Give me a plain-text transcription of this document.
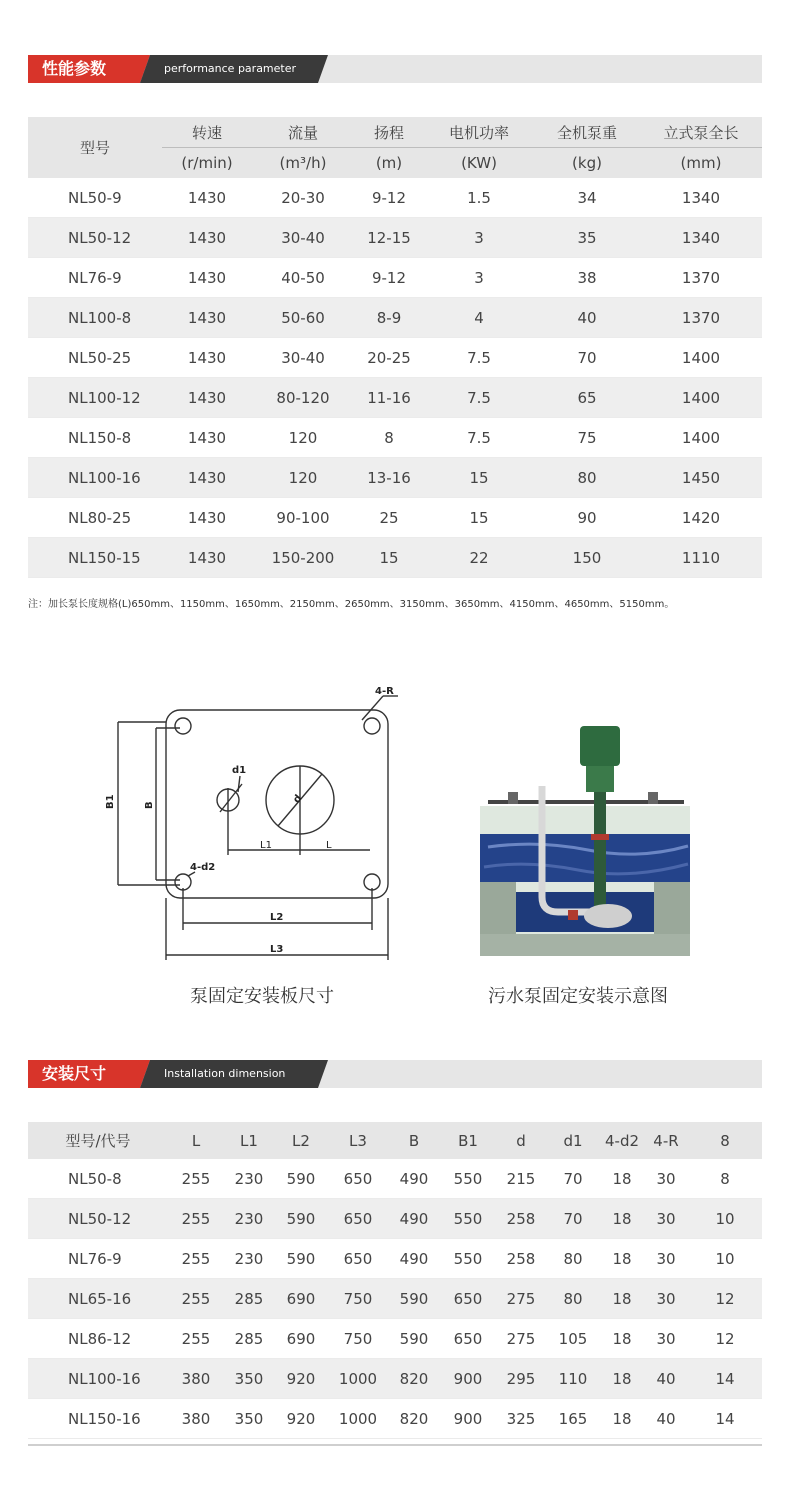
性能参数	performance parameter
型号	转速	流量	扬程	电机功率	全机泵重	立式泵全长
	(r/min)	(m³/h)	(m)	(KW)	(kg)	(mm)
NL50-9	1430	20-30	9-12	1.5	34	1340
NL50-12	1430	30-40	12-15	3	35	1340
NL76-9	1430	40-50	9-12	3	38	1370
NL100-8	1430	50-60	8-9	4	40	1370
NL50-25	1430	30-40	20-25	7.5	70	1400
NL100-12	1430	80-120	11-16	7.5	65	1400
NL150-8	1430	120	8	7.5	75	1400
NL100-16	1430	120	13-16	15	80	1450
NL80-25	1430	90-100	25	15	90	1420
NL150-15	1430	150-200	15	22	150	1110
注：加长泵长度规格(L)650mm、1150mm、1650mm、2150mm、2650mm、3150mm、3650mm、4150mm、4650mm、5150mm。
4-R
d1
d
B1	B
4-d2
L1	L
L2
L3
泵固定安装板尺寸	污水泵固定安装示意图
安装尺寸	Installation dimension
型号/代号	L	L1	L2	L3	B	B1	d	d1	4-d2	4-R	8
NL50-8	255	230	590	650	490	550	215	70	18	30	8
NL50-12	255	230	590	650	490	550	258	70	18	30	10
NL76-9	255	230	590	650	490	550	258	80	18	30	10
NL65-16	255	285	690	750	590	650	275	80	18	30	12
NL86-12	255	285	690	750	590	650	275	105	18	30	12
NL100-16	380	350	920	1000	820	900	295	110	18	40	14
NL150-16	380	350	920	1000	820	900	325	165	18	40	14
